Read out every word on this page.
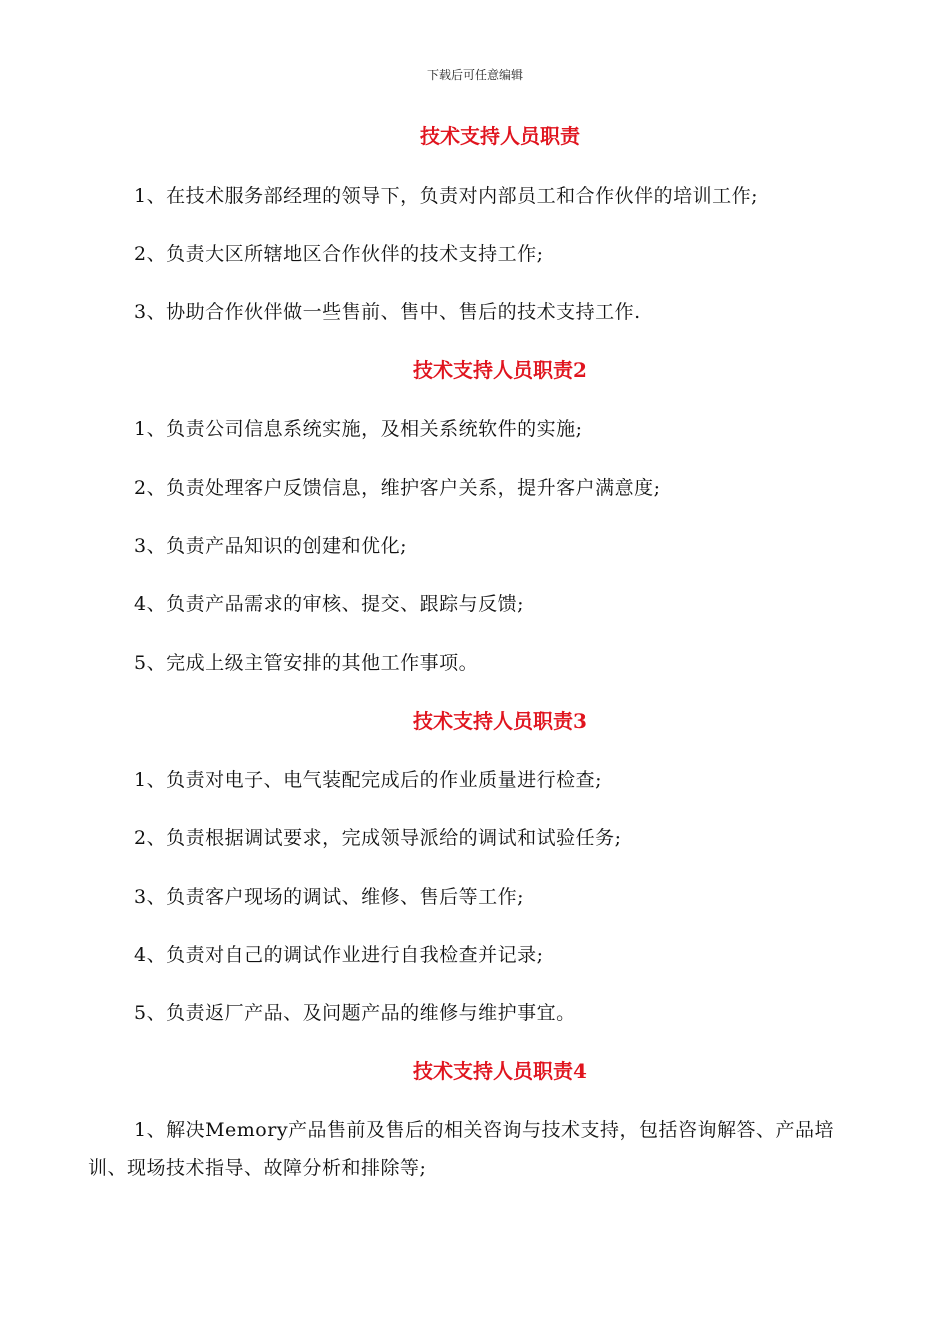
下载后可任意编辑
技术支持人员职责
1、在技术服务部经理的领导下，负责对内部员工和合作伙伴的培训工作;
2、负责大区所辖地区合作伙伴的技术支持工作;
3、协助合作伙伴做一些售前、售中、售后的技术支持工作.
技术支持人员职责2
1、负责公司信息系统实施，及相关系统软件的实施;
2、负责处理客户反馈信息，维护客户关系，提升客户满意度;
3、负责产品知识的创建和优化;
4、负责产品需求的审核、提交、跟踪与反馈;
5、完成上级主管安排的其他工作事项。
技术支持人员职责3
1、负责对电子、电气装配完成后的作业质量进行检查;
2、负责根据调试要求，完成领导派给的调试和试验任务;
3、负责客户现场的调试、维修、售后等工作;
4、负责对自己的调试作业进行自我检查并记录;
5、负责返厂产品、及问题产品的维修与维护事宜。
技术支持人员职责4
1、解决Memory产品售前及售后的相关咨询与技术支持，包括咨询解答、产品培训、现场技术指导、故障分析和排除等;
